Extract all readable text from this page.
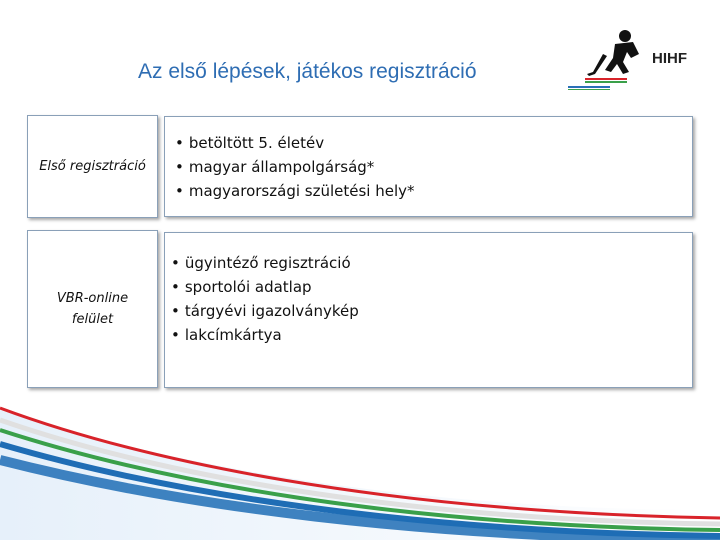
Az első lépések, játékos regisztráció
HIHF
Első regisztráció
• betöltött 5. életév
• magyar állampolgárság*
• magyarországi születési hely*
VBR-online felület
• ügyintéző regisztráció
• sportolói adatlap
• tárgyévi igazolványkép
• lakcímkártya
